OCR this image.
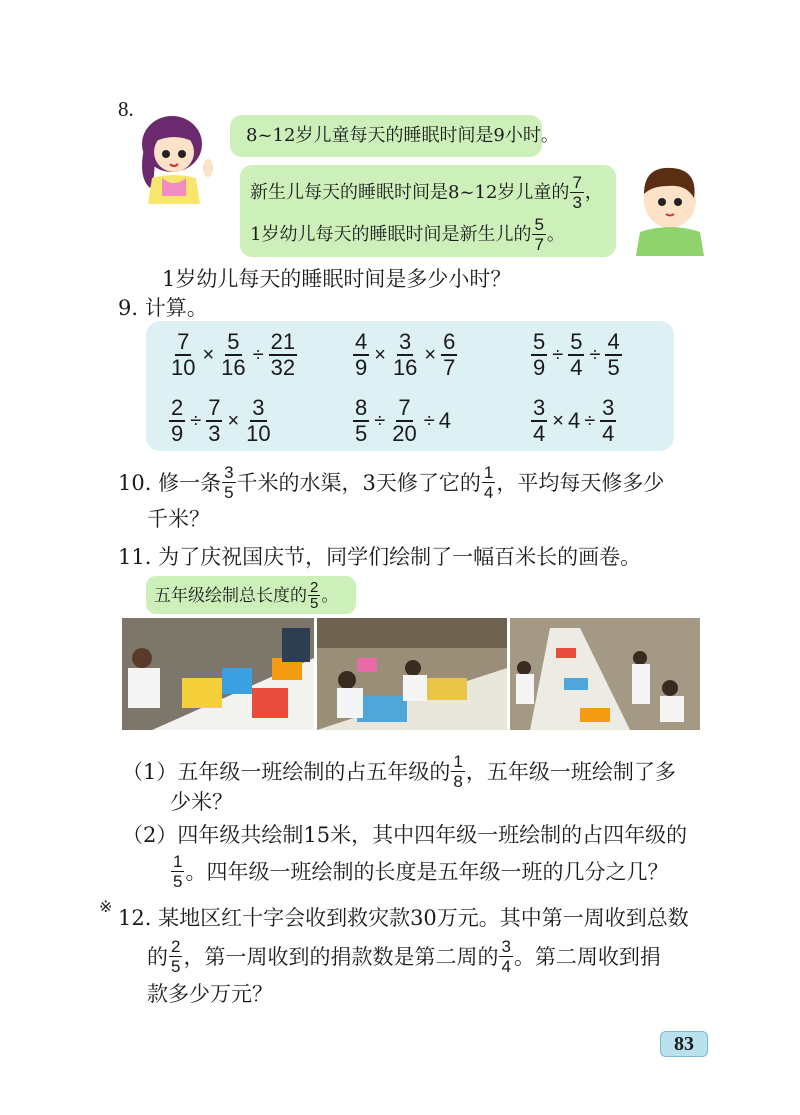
8.
8~12岁儿童每天的睡眠时间是9小时。
新生儿每天的睡眠时间是8~12岁儿童的 $\frac{7}{3}$ ，
1岁幼儿每天的睡眠时间是新生儿的 $\frac{5}{7}$ 。
1岁幼儿每天的睡眠时间是多少小时？
9. 计算。
$\frac{7}{10} \times \frac{5}{16} \div \frac{21}{32}$	$\frac{4}{9} \times \frac{3}{16} \times \frac{6}{7}$	$\frac{5}{9} \div \frac{5}{4} \div \frac{4}{5}$
$\frac{2}{9} \div \frac{7}{3} \times \frac{3}{10}$	$\frac{8}{5} \div \frac{7}{20} \div 4$	$\frac{3}{4} \times 4 \div \frac{3}{4}$
10. 修一条 $\frac{3}{5}$ 千米的水渠，3天修了它的 $\frac{1}{4}$ ，平均每天修多少
千米？
11. 为了庆祝国庆节，同学们绘制了一幅百米长的画卷。
五年级绘制总长度的 $\frac{2}{5}$ 。
（1） 五年级一班绘制的占五年级的 $\frac{1}{8}$ ，五年级一班绘制了多
少米？
（2） 四年级共绘制15米，其中四年级一班绘制的占四年级的
$\frac{1}{5}$ 。四年级一班绘制的长度是五年级一班的几分之几？
※ 12. 某地区红十字会收到救灾款30万元。其中第一周收到总数
的 $\frac{2}{5}$ ，第一周收到的捐款数是第二周的 $\frac{3}{4}$ 。第二周收到捐
款多少万元？
83
